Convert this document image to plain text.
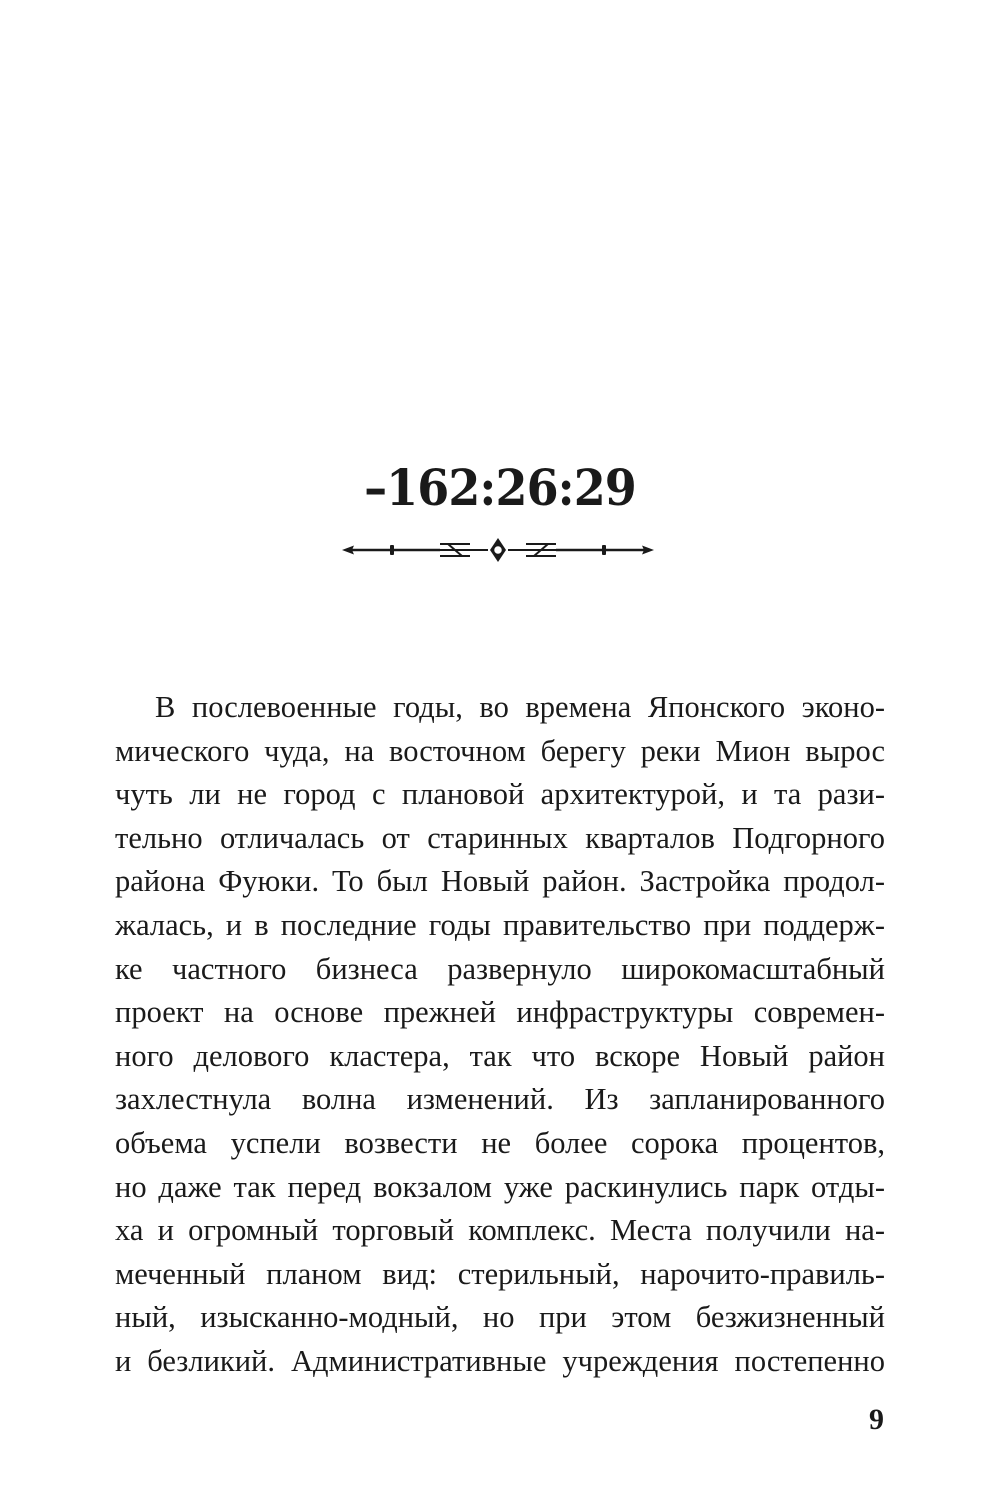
–162:26:29
В послевоенные годы, во времена Японского эконо-
мического чуда, на восточном берегу реки Мион вырос
чуть ли не город с плановой архитектурой, и та рази-
тельно отличалась от старинных кварталов Подгорного
района Фуюки. То был Новый район. Застройка продол-
жалась, и в последние годы правительство при поддерж-
ке частного бизнеса развернуло широкомасштабный
проект на основе прежней инфраструктуры современ-
ного делового кластера, так что вскоре Новый район
захлестнула волна изменений. Из запланированного
объема успели возвести не более сорока процентов,
но даже так перед вокзалом уже раскинулись парк отды-
ха и огромный торговый комплекс. Места получили на-
меченный планом вид: стерильный, нарочито-правиль-
ный, изысканно-модный, но при этом безжизненный
и безликий. Административные учреждения постепенно
9
